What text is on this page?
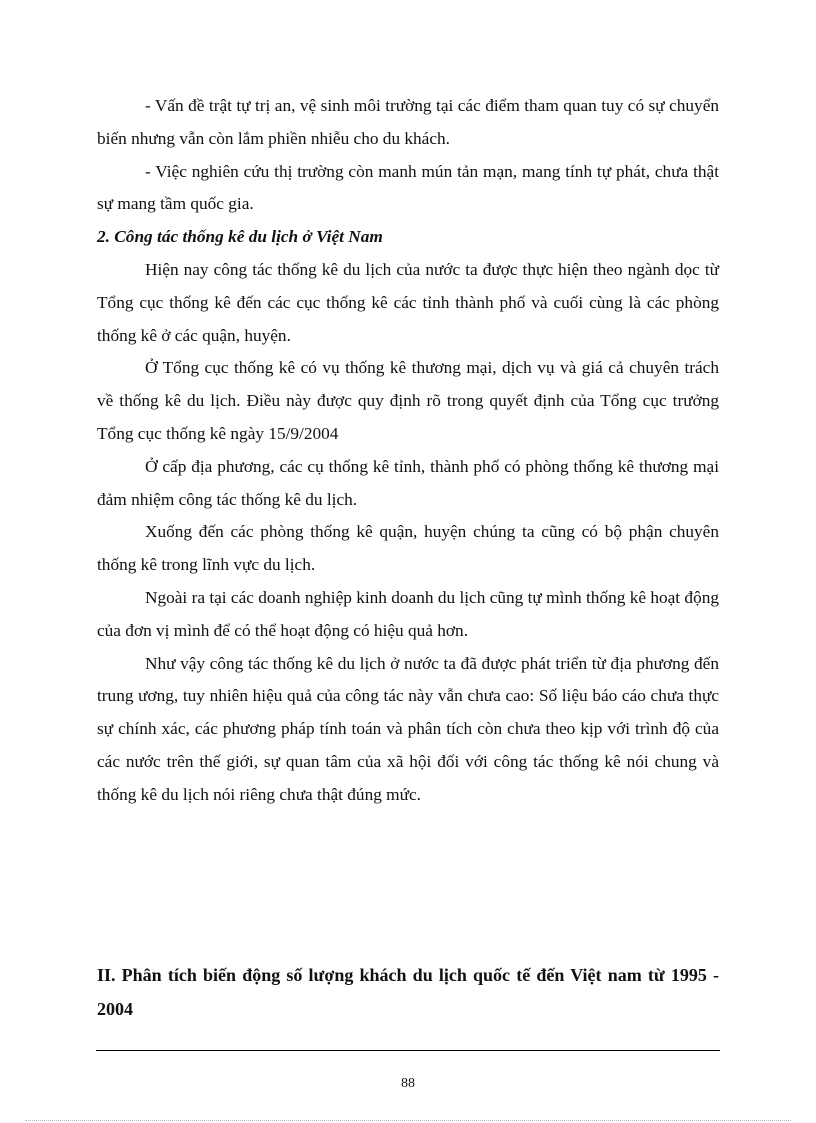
- Vấn đề trật tự trị an, vệ sinh môi trường tại các điểm tham quan tuy có sự chuyển biến nhưng vẫn còn lắm phiền nhiễu cho du khách.

- Việc nghiên cứu thị trường còn manh mún tản mạn, mang tính tự phát, chưa thật sự mang tầm quốc gia.

2. Công tác thống kê du lịch ở Việt Nam

Hiện nay công tác thống kê du lịch của nước ta được thực hiện theo ngành dọc từ Tổng cục thống kê đến các cục thống kê các tỉnh thành phố và cuối cùng là các phòng thống kê ở các quận, huyện.

Ở Tổng cục thống kê có vụ thống kê thương mại, dịch vụ và giá cả chuyên trách về thống kê du lịch. Điều này được quy định rõ trong quyết định của Tổng cục trưởng Tổng cục thống kê ngày 15/9/2004

Ở cấp địa phương, các cụ thống kê tỉnh, thành phố có phòng thống kê thương mại đảm nhiệm công tác thống kê du lịch.

Xuống đến các phòng thống kê quận, huyện chúng ta cũng có bộ phận chuyên thống kê trong lĩnh vực du lịch.

Ngoài ra tại các doanh nghiệp kinh doanh du lịch cũng tự mình thống kê hoạt động của đơn vị mình để có thể hoạt động có hiệu quả hơn.

Như vậy công tác thống kê du lịch ở nước ta đã được phát triển từ địa phương đến trung ương, tuy nhiên hiệu quả của công tác này vẫn chưa cao: Số liệu báo cáo chưa thực sự chính xác, các phương pháp tính toán và phân tích còn chưa theo kịp với trình độ của các nước trên thế giới, sự quan tâm của xã hội đối với công tác thống kê nói chung và thống kê du lịch nói riêng chưa thật đúng mức.

II. Phân tích biến động số lượng khách du lịch quốc tế đến Việt nam từ 1995 - 2004

88
